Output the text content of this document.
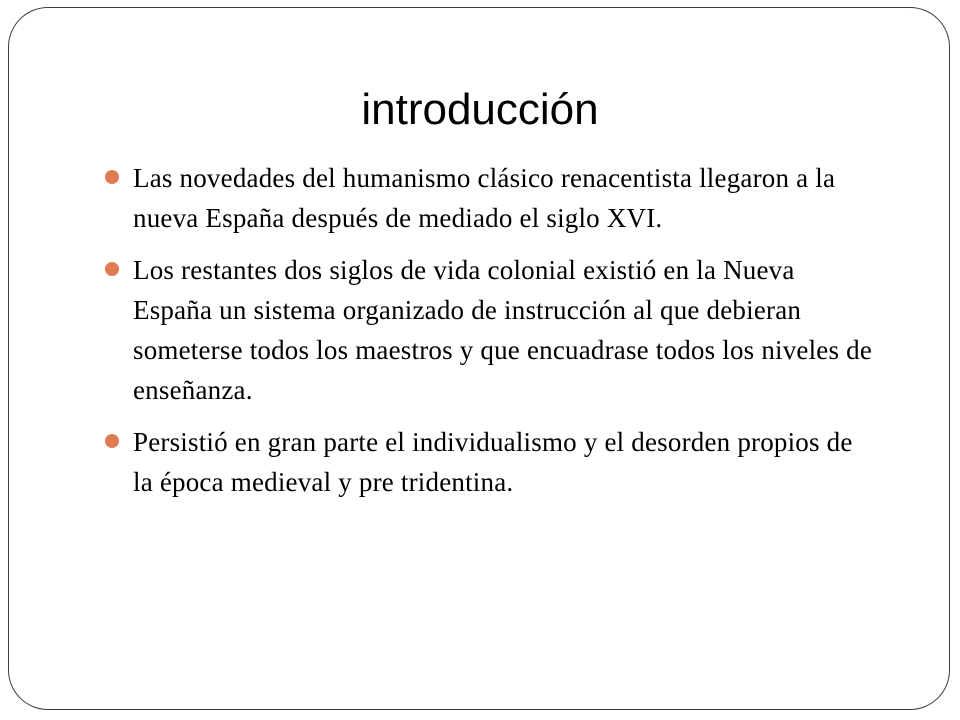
introducción
Las novedades del humanismo clásico renacentista llegaron a la nueva España después de mediado el siglo XVI.
Los restantes dos siglos de vida colonial existió en la Nueva España un sistema organizado de instrucción al que debieran someterse todos los maestros y que encuadrase todos los niveles de enseñanza.
Persistió en gran parte el individualismo y el desorden propios de la época medieval y pre tridentina.
